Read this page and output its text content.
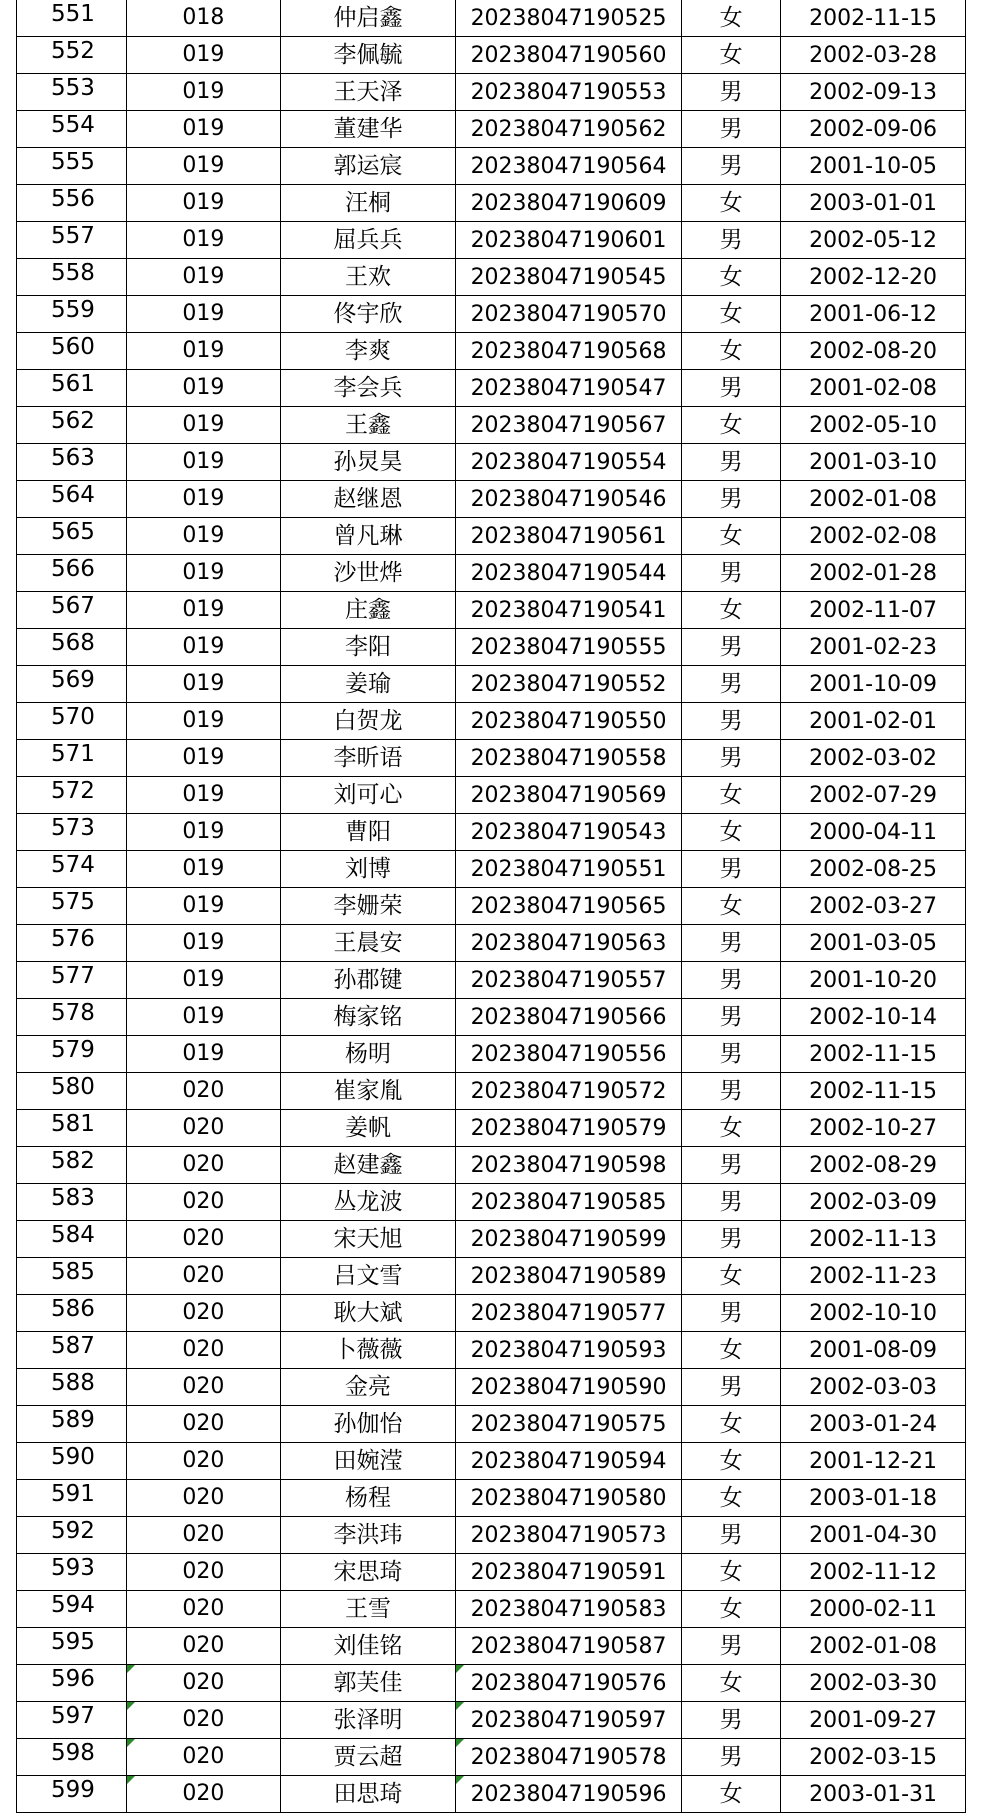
551	018	仲启鑫	20238047190525	女	2002-11-15
552	019	李佩毓	20238047190560	女	2002-03-28
553	019	王天泽	20238047190553	男	2002-09-13
554	019	董建华	20238047190562	男	2002-09-06
555	019	郭运宸	20238047190564	男	2001-10-05
556	019	汪桐	20238047190609	女	2003-01-01
557	019	屈兵兵	20238047190601	男	2002-05-12
558	019	王欢	20238047190545	女	2002-12-20
559	019	佟宇欣	20238047190570	女	2001-06-12
560	019	李爽	20238047190568	女	2002-08-20
561	019	李会兵	20238047190547	男	2001-02-08
562	019	王鑫	20238047190567	女	2002-05-10
563	019	孙炅昊	20238047190554	男	2001-03-10
564	019	赵继恩	20238047190546	男	2002-01-08
565	019	曾凡琳	20238047190561	女	2002-02-08
566	019	沙世烨	20238047190544	男	2002-01-28
567	019	庄鑫	20238047190541	女	2002-11-07
568	019	李阳	20238047190555	男	2001-02-23
569	019	姜瑜	20238047190552	男	2001-10-09
570	019	白贺龙	20238047190550	男	2001-02-01
571	019	李昕语	20238047190558	男	2002-03-02
572	019	刘可心	20238047190569	女	2002-07-29
573	019	曹阳	20238047190543	女	2000-04-11
574	019	刘博	20238047190551	男	2002-08-25
575	019	李姗荣	20238047190565	女	2002-03-27
576	019	王晨安	20238047190563	男	2001-03-05
577	019	孙郡键	20238047190557	男	2001-10-20
578	019	梅家铭	20238047190566	男	2002-10-14
579	019	杨明	20238047190556	男	2002-11-15
580	020	崔家胤	20238047190572	男	2002-11-15
581	020	姜帆	20238047190579	女	2002-10-27
582	020	赵建鑫	20238047190598	男	2002-08-29
583	020	丛龙波	20238047190585	男	2002-03-09
584	020	宋天旭	20238047190599	男	2002-11-13
585	020	吕文雪	20238047190589	女	2002-11-23
586	020	耿大斌	20238047190577	男	2002-10-10
587	020	卜薇薇	20238047190593	女	2001-08-09
588	020	金亮	20238047190590	男	2002-03-03
589	020	孙伽怡	20238047190575	女	2003-01-24
590	020	田婉滢	20238047190594	女	2001-12-21
591	020	杨程	20238047190580	女	2003-01-18
592	020	李洪玮	20238047190573	男	2001-04-30
593	020	宋思琦	20238047190591	女	2002-11-12
594	020	王雪	20238047190583	女	2000-02-11
595	020	刘佳铭	20238047190587	男	2002-01-08
596	020	郭芙佳	20238047190576	女	2002-03-30
597	020	张泽明	20238047190597	男	2001-09-27
598	020	贾云超	20238047190578	男	2002-03-15
599	020	田思琦	20238047190596	女	2003-01-31
